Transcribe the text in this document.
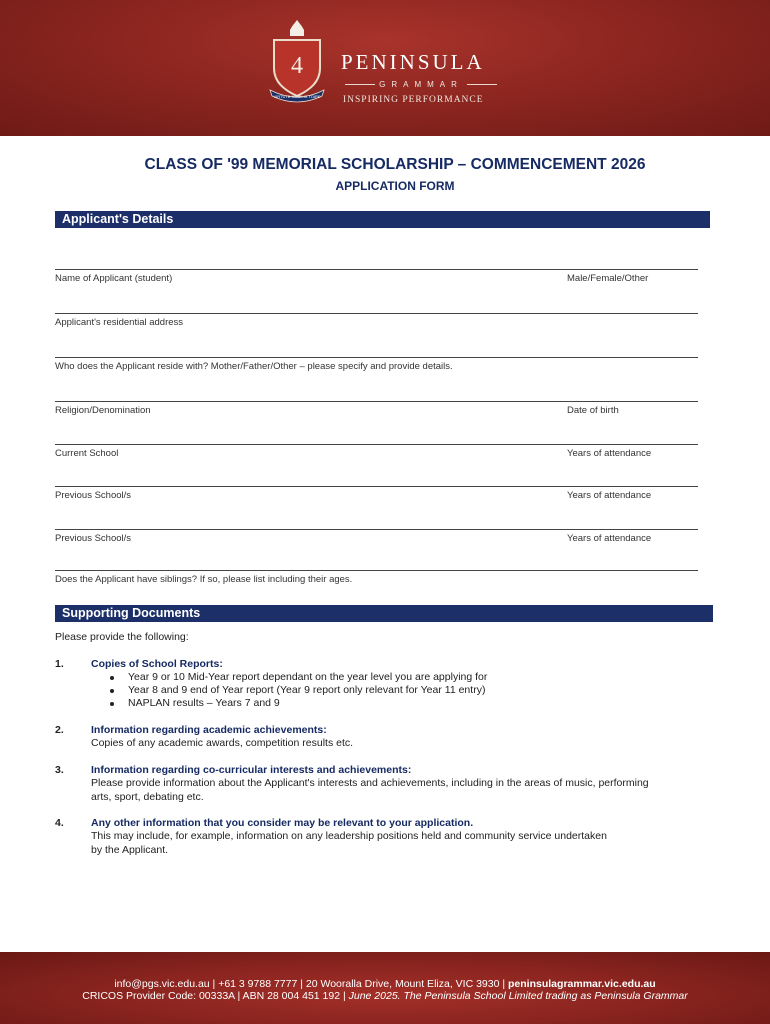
4
VIRTUTE NOBILIS TOIRE
PENINSULA
GRAMMAR
INSPIRING PERFORMANCE
CLASS OF '99 MEMORIAL SCHOLARSHIP – COMMENCEMENT 2026
APPLICATION FORM
Applicant's Details
Name of Applicant (student)	Male/Female/Other
Applicant's residential address
Who does the Applicant reside with? Mother/Father/Other – please specify and provide details.
Religion/Denomination	Date of birth
Current School	Years of attendance
Previous School/s	Years of attendance
Previous School/s	Years of attendance
Does the Applicant have siblings? If so, please list including their ages.
Supporting Documents
Please provide the following:
1.	Copies of School Reports:
Year 9 or 10 Mid-Year report dependant on the year level you are applying for
Year 8 and 9 end of Year report (Year 9 report only relevant for Year 11 entry)
NAPLAN results – Years 7 and 9
2.	Information regarding academic achievements:
Copies of any academic awards, competition results etc.
3.	Information regarding co-curricular interests and achievements:
Please provide information about the Applicant's interests and achievements, including in the areas of music, performing
arts, sport, debating etc.
4.	Any other information that you consider may be relevant to your application.
This may include, for example, information on any leadership positions held and community service undertaken
by the Applicant.
info@pgs.vic.edu.au | +61 3 9788 7777 | 20 Wooralla Drive, Mount Eliza, VIC 3930 | peninsulagrammar.vic.edu.au
CRICOS Provider Code: 00333A | ABN 28 004 451 192 | June 2025. The Peninsula School Limited trading as Peninsula Grammar
